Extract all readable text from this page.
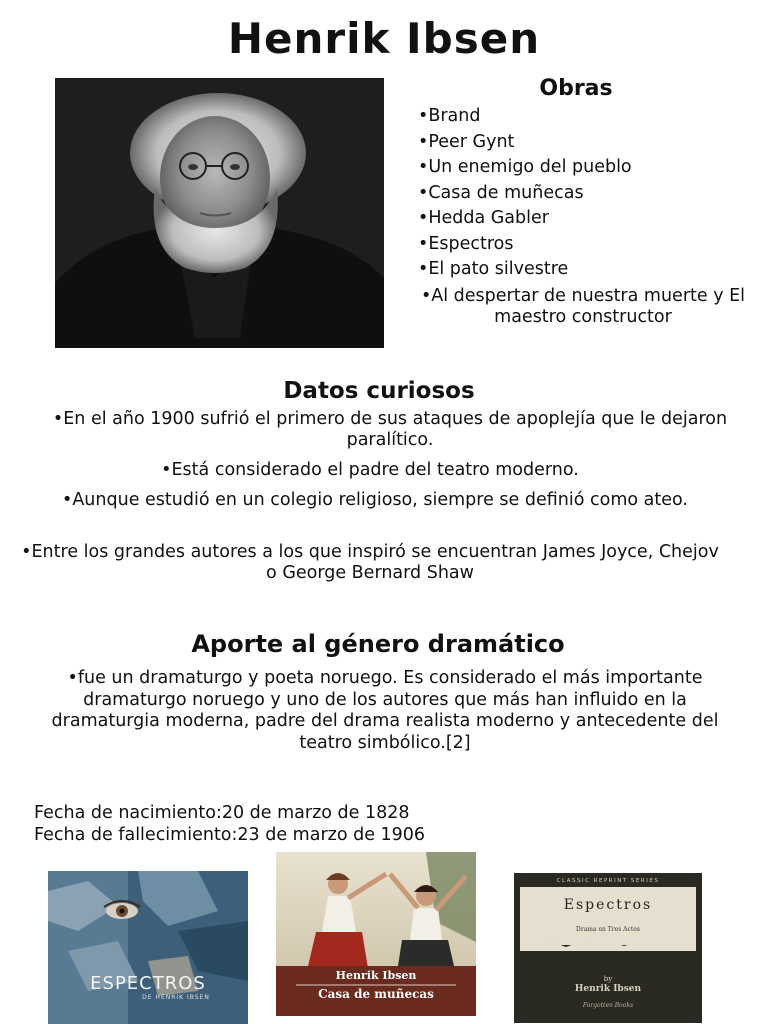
Henrik Ibsen
Obras
•Brand
•Peer Gynt
•Un enemigo del pueblo
•Casa de muñecas
•Hedda Gabler
•Espectros
•El pato silvestre
•Al despertar de nuestra muerte y El maestro constructor
Datos curiosos
•En el año 1900 sufrió el primero de sus ataques de apoplejía que le dejaron paralítico.
•Está considerado el padre del teatro moderno.
•Aunque estudió en un colegio religioso, siempre se definió como ateo.
•Entre los grandes autores a los que inspiró se encuentran James Joyce, Chejov o George Bernard Shaw
Aporte al género dramático
•fue un dramaturgo y poeta noruego. Es considerado el más importante dramaturgo noruego y uno de los autores que más han influido en la dramaturgia moderna, padre del drama realista moderno y antecedente del teatro simbólico.[2]
Fecha de nacimiento:20 de marzo de 1828
Fecha de fallecimiento:23 de marzo de 1906
ESPECTROS
DE HENRIK IBSEN
Henrik Ibsen
Casa de muñecas
CLASSIC REPRINT SERIES
Espectros
Drama en Tres Actos
by
Henrik Ibsen
Forgotten Books
